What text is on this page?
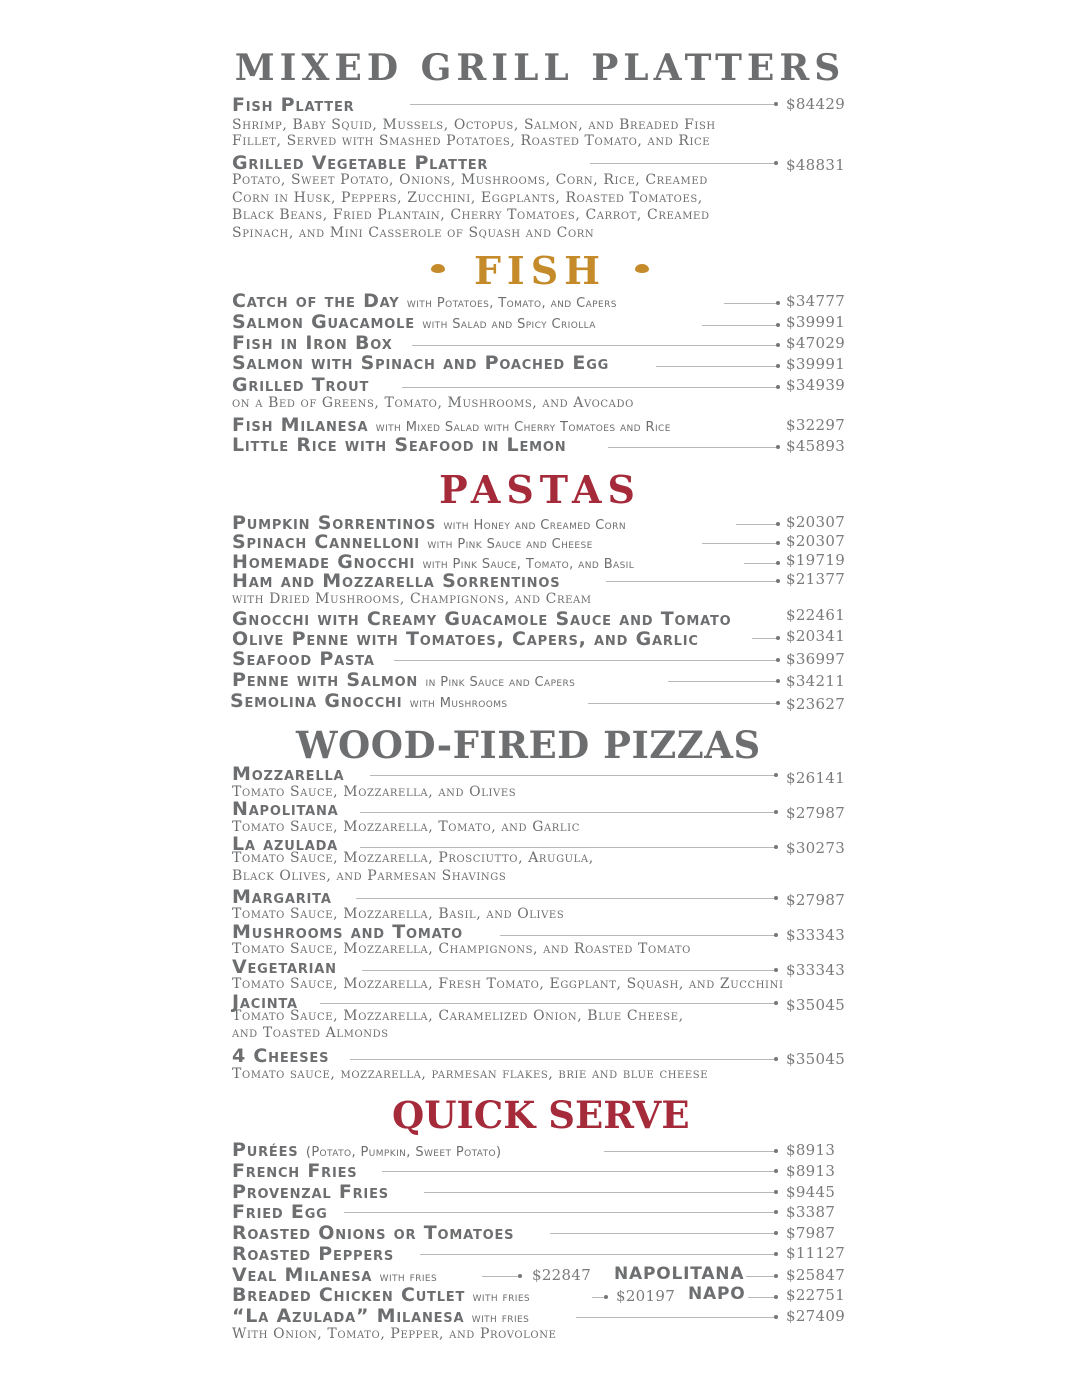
MIXED GRILL PLATTERS
Fish Platter	$84429
Shrimp, Baby Squid, Mussels, Octopus, Salmon, and Breaded Fish
Fillet, Served with Smashed Potatoes, Roasted Tomato, and Rice
Grilled Vegetable Platter	$48831
Potato, Sweet Potato, Onions, Mushrooms, Corn, Rice, Creamed
Corn in Husk, Peppers, Zucchini, Eggplants, Roasted Tomatoes,
Black Beans, Fried Plantain, Cherry Tomatoes, Carrot, Creamed
Spinach, and Mini Casserole of Squash and Corn
FISH
Catch of the Day with Potatoes, Tomato, and Capers	$34777
Salmon Guacamole with Salad and Spicy Criolla	$39991
Fish in Iron Box	$47029
Salmon with Spinach and Poached Egg	$39991
Grilled Trout	$34939
on a Bed of Greens, Tomato, Mushrooms, and Avocado
Fish Milanesa with Mixed Salad with Cherry Tomatoes and Rice	$32297
Little Rice with Seafood in Lemon	$45893
PASTAS
Pumpkin Sorrentinos with Honey and Creamed Corn	$20307
Spinach Cannelloni with Pink Sauce and Cheese	$20307
Homemade Gnocchi with Pink Sauce, Tomato, and Basil	$19719
Ham and Mozzarella Sorrentinos	$21377
with Dried Mushrooms, Champignons, and Cream
Gnocchi with Creamy Guacamole Sauce and Tomato	$22461
Olive Penne with Tomatoes, Capers, and Garlic	$20341
Seafood Pasta	$36997
Penne with Salmon in Pink Sauce and Capers	$34211
Semolina Gnocchi with Mushrooms	$23627
WOOD-FIRED PIZZAS
Mozzarella	$26141
Tomato Sauce, Mozzarella, and Olives
Napolitana	$27987
Tomato Sauce, Mozzarella, Tomato, and Garlic
La azulada	$30273
Tomato Sauce, Mozzarella, Prosciutto, Arugula,
Black Olives, and Parmesan Shavings
Margarita	$27987
Tomato Sauce, Mozzarella, Basil, and Olives
Mushrooms and Tomato	$33343
Tomato Sauce, Mozzarella, Champignons, and Roasted Tomato
Vegetarian	$33343
Tomato Sauce, Mozzarella, Fresh Tomato, Eggplant, Squash, and Zucchini
Jacinta	$35045
Tomato Sauce, Mozzarella, Caramelized Onion, Blue Cheese,
and Toasted Almonds
4 Cheeses	$35045
Tomato sauce, mozzarella, parmesan flakes, brie and blue cheese
QUICK SERVE
Purées (Potato, Pumpkin, Sweet Potato)	$8913
French Fries	$8913
Provenzal Fries	$9445
Fried Egg	$3387
Roasted Onions or Tomatoes	$7987
Roasted Peppers	$11127
Veal Milanesa with fries	$22847 NAPOLITANA	$25847
Breaded Chicken Cutlet with fries	$20197 NAPO	$22751
“La Azulada” Milanesa with fries	$27409
With Onion, Tomato, Pepper, and Provolone
